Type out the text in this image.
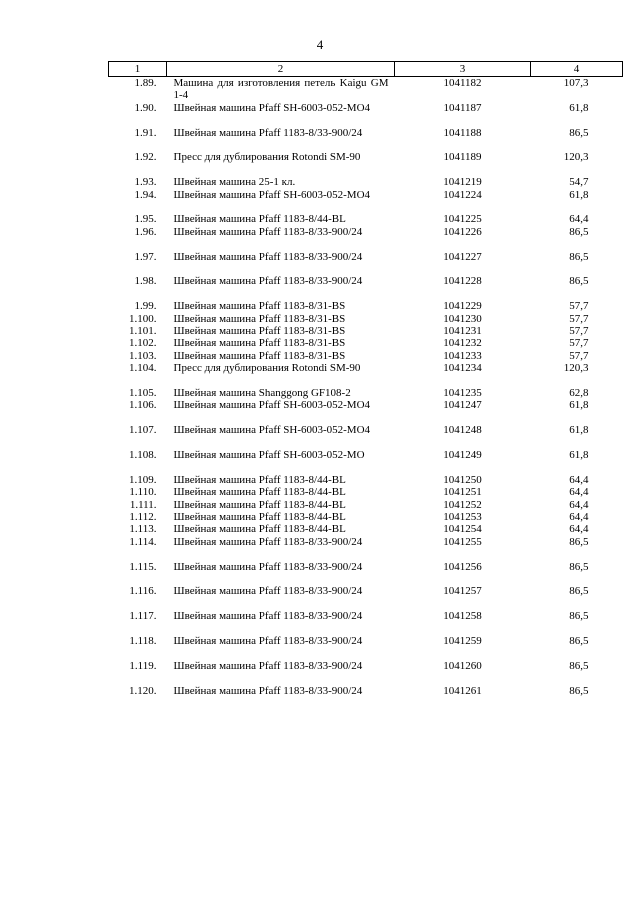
4
1	2	3	4
1.89.	Машина для изготовления петель Kaigu GM 1-4	1041182	107,3
1.90.	Швейная машина Pfaff SH-6003-052-MO4	1041187	61,8
1.91.	Швейная машина Pfaff 1183-8/33-900/24	1041188	86,5
1.92.	Пресс для дублирования Rotondi SM-90	1041189	120,3
1.93.	Швейная машина 25-1 кл.	1041219	54,7
1.94.	Швейная машина Pfaff SH-6003-052-MO4	1041224	61,8
1.95.	Швейная машина Pfaff 1183-8/44-BL	1041225	64,4
1.96.	Швейная машина Pfaff 1183-8/33-900/24	1041226	86,5
1.97.	Швейная машина Pfaff 1183-8/33-900/24	1041227	86,5
1.98.	Швейная машина Pfaff 1183-8/33-900/24	1041228	86,5
1.99.	Швейная машина Pfaff 1183-8/31-BS	1041229	57,7
1.100.	Швейная машина Pfaff 1183-8/31-BS	1041230	57,7
1.101.	Швейная машина Pfaff 1183-8/31-BS	1041231	57,7
1.102.	Швейная машина Pfaff 1183-8/31-BS	1041232	57,7
1.103.	Швейная машина Pfaff 1183-8/31-BS	1041233	57,7
1.104.	Пресс для дублирования Rotondi SM-90	1041234	120,3
1.105.	Швейная машина Shanggong GF108-2	1041235	62,8
1.106.	Швейная машина Pfaff SH-6003-052-MO4	1041247	61,8
1.107.	Швейная машина Pfaff SH-6003-052-MO4	1041248	61,8
1.108.	Швейная машина Pfaff SH-6003-052-MO	1041249	61,8
1.109.	Швейная машина Pfaff 1183-8/44-BL	1041250	64,4
1.110.	Швейная машина Pfaff 1183-8/44-BL	1041251	64,4
1.111.	Швейная машина Pfaff 1183-8/44-BL	1041252	64,4
1.112.	Швейная машина Pfaff 1183-8/44-BL	1041253	64,4
1.113.	Швейная машина Pfaff 1183-8/44-BL	1041254	64,4
1.114.	Швейная машина Pfaff 1183-8/33-900/24	1041255	86,5
1.115.	Швейная машина Pfaff 1183-8/33-900/24	1041256	86,5
1.116.	Швейная машина Pfaff 1183-8/33-900/24	1041257	86,5
1.117.	Швейная машина Pfaff 1183-8/33-900/24	1041258	86,5
1.118.	Швейная машина Pfaff 1183-8/33-900/24	1041259	86,5
1.119.	Швейная машина Pfaff 1183-8/33-900/24	1041260	86,5
1.120.	Швейная машина Pfaff 1183-8/33-900/24	1041261	86,5
